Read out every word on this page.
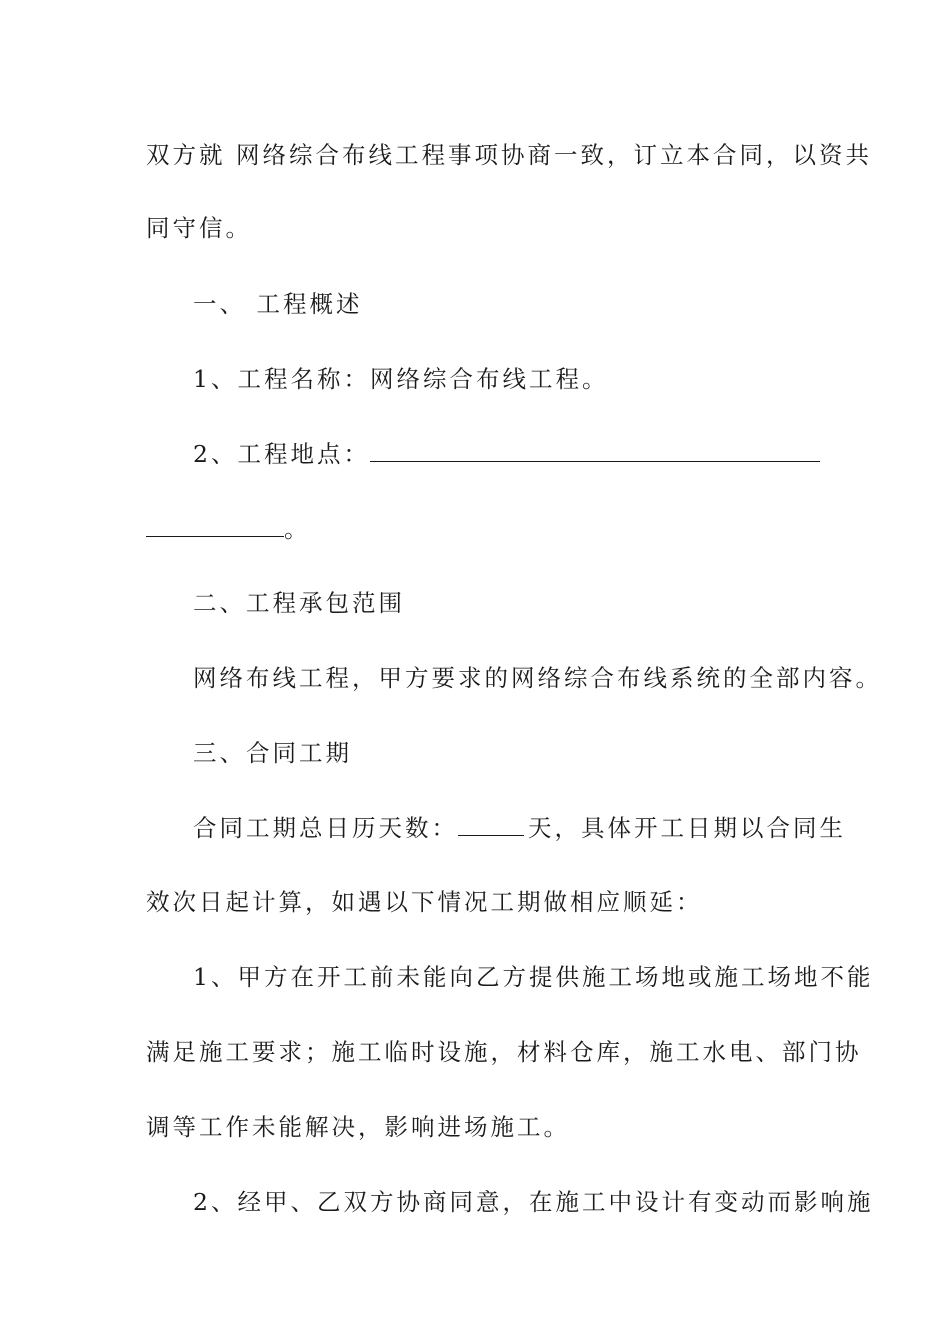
双方就 网络综合布线工程事项协商一致，订立本合同，以资共
同守信。
一、 工程概述
1、工程名称：网络综合布线工程。
2、工程地点：
。
二、工程承包范围
网络布线工程，甲方要求的网络综合布线系统的全部内容。
三、合同工期
合同工期总日历天数：	天，具体开工日期以合同生
效次日起计算，如遇以下情况工期做相应顺延：
1、甲方在开工前未能向乙方提供施工场地或施工场地不能
满足施工要求；施工临时设施，材料仓库，施工水电、部门协
调等工作未能解决，影响进场施工。
2、经甲、乙双方协商同意，在施工中设计有变动而影响施
